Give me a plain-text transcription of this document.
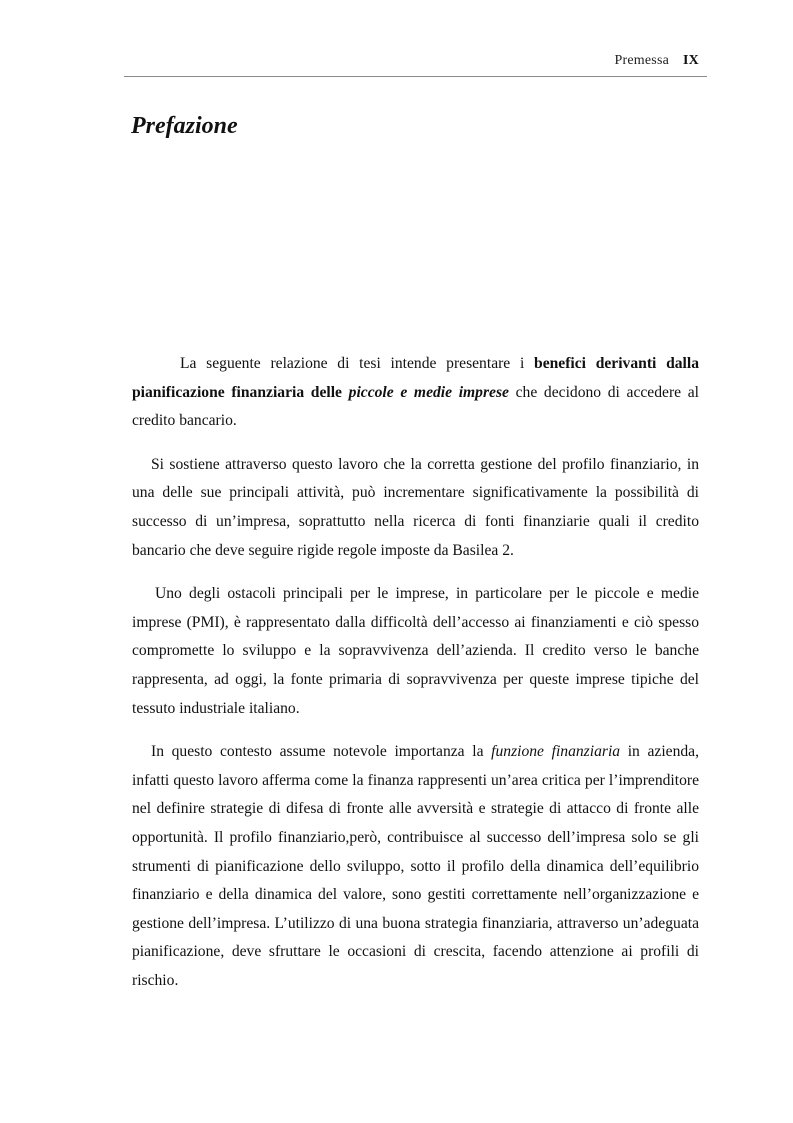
Premessa IX
Prefazione

La seguente relazione di tesi intende presentare i benefici derivanti dalla pianificazione finanziaria delle piccole e medie imprese che decidono di accedere al credito bancario.

Si sostiene attraverso questo lavoro che la corretta gestione del profilo finanziario, in una delle sue principali attività, può incrementare significativamente la possibilità di successo di un’impresa, soprattutto nella ricerca di fonti finanziarie quali il credito bancario che deve seguire rigide regole imposte da Basilea 2.

Uno degli ostacoli principali per le imprese, in particolare per le piccole e medie imprese (PMI), è rappresentato dalla difficoltà dell’accesso ai finanziamenti e ciò spesso compromette lo sviluppo e la sopravvivenza dell’azienda. Il credito verso le banche rappresenta, ad oggi, la fonte primaria di sopravvivenza per queste imprese tipiche del tessuto industriale italiano.

In questo contesto assume notevole importanza la funzione finanziaria in azienda, infatti questo lavoro afferma come la finanza rappresenti un’area critica per l’imprenditore nel definire strategie di difesa di fronte alle avversità e strategie di attacco di fronte alle opportunità. Il profilo finanziario,però, contribuisce al successo dell’impresa solo se gli strumenti di pianificazione dello sviluppo, sotto il profilo della dinamica dell’equilibrio finanziario e della dinamica del valore, sono gestiti correttamente nell’organizzazione e gestione dell’impresa. L’utilizzo di una buona strategia finanziaria, attraverso un’adeguata pianificazione, deve sfruttare le occasioni di crescita, facendo attenzione ai profili di rischio.
